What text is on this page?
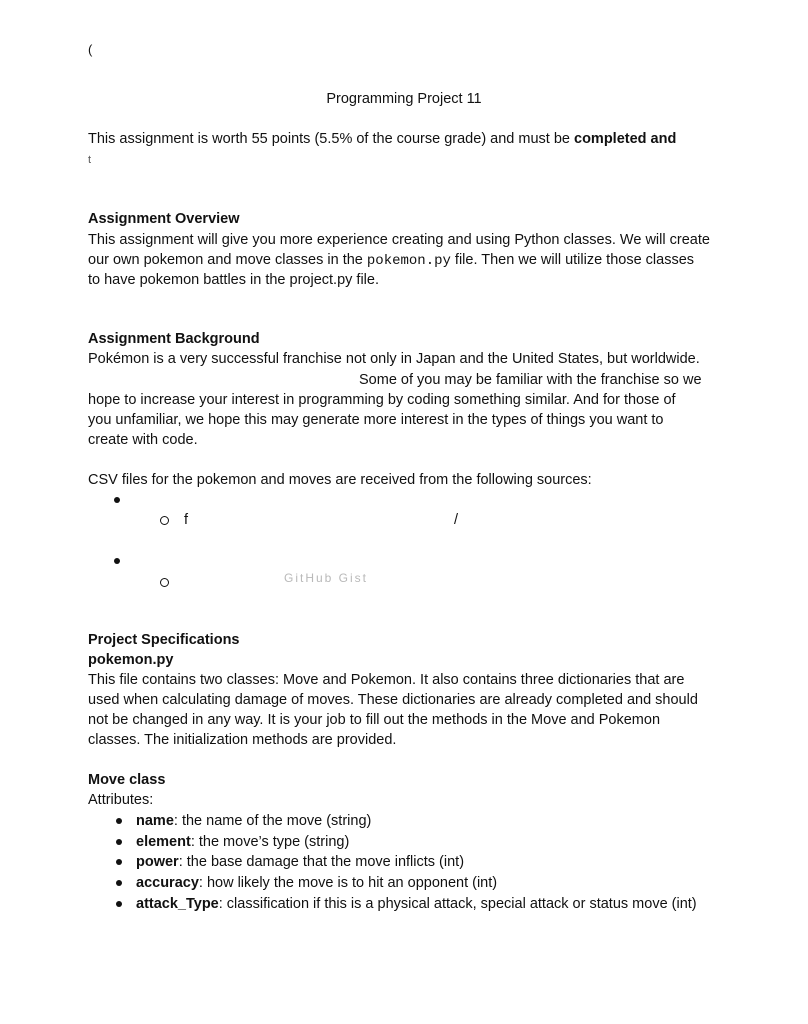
(
Programming Project 11
This assignment is worth 55 points (5.5% of the course grade) and must be completed and
t
Assignment Overview
This assignment will give you more experience creating and using Python classes. We will create
our own pokemon and move classes in the pokemon.py file. Then we will utilize those classes
to have pokemon battles in the project.py file.
Assignment Background
Pokémon is a very successful franchise not only in Japan and the United States, but worldwide.
Some of you may be familiar with the franchise so we
hope to increase your interest in programming by coding something similar. And for those of
you unfamiliar, we hope this may generate more interest in the types of things you want to
create with code.
CSV files for the pokemon and moves are received from the following sources:
f	/
GitHub Gist
Project Specifications
pokemon.py
This file contains two classes: Move and Pokemon. It also contains three dictionaries that are
used when calculating damage of moves. These dictionaries are already completed and should
not be changed in any way. It is your job to fill out the methods in the Move and Pokemon
classes. The initialization methods are provided.
Move class
Attributes:
name: the name of the move (string)
element: the move’s type (string)
power: the base damage that the move inflicts (int)
accuracy: how likely the move is to hit an opponent (int)
attack_Type: classification if this is a physical attack, special attack or status move (int)
